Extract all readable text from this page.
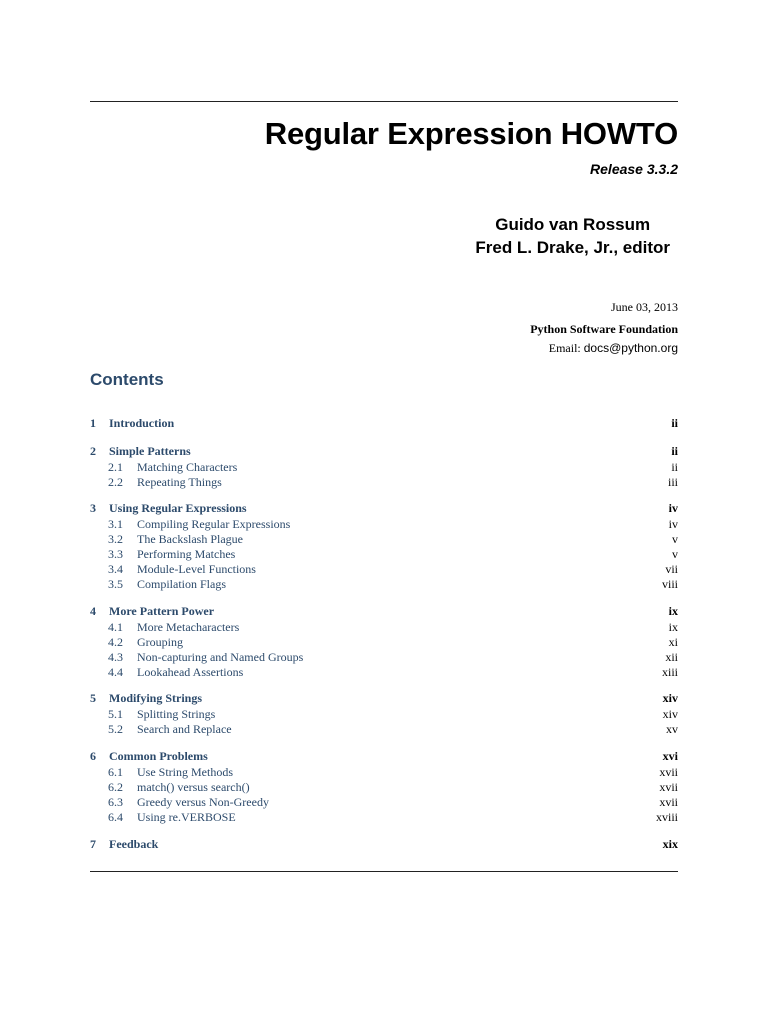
Regular Expression HOWTO
Release 3.3.2
Guido van Rossum
Fred L. Drake, Jr., editor
June 03, 2013
Python Software Foundation
Email: docs@python.org
Contents
1 Introduction	ii
2 Simple Patterns	ii
2.1 Matching Characters	ii
2.2 Repeating Things	iii
3 Using Regular Expressions	iv
3.1 Compiling Regular Expressions	iv
3.2 The Backslash Plague	v
3.3 Performing Matches	v
3.4 Module-Level Functions	vii
3.5 Compilation Flags	viii
4 More Pattern Power	ix
4.1 More Metacharacters	ix
4.2 Grouping	xi
4.3 Non-capturing and Named Groups	xii
4.4 Lookahead Assertions	xiii
5 Modifying Strings	xiv
5.1 Splitting Strings	xiv
5.2 Search and Replace	xv
6 Common Problems	xvi
6.1 Use String Methods	xvii
6.2 match() versus search()	xvii
6.3 Greedy versus Non-Greedy	xvii
6.4 Using re.VERBOSE	xviii
7 Feedback	xix
